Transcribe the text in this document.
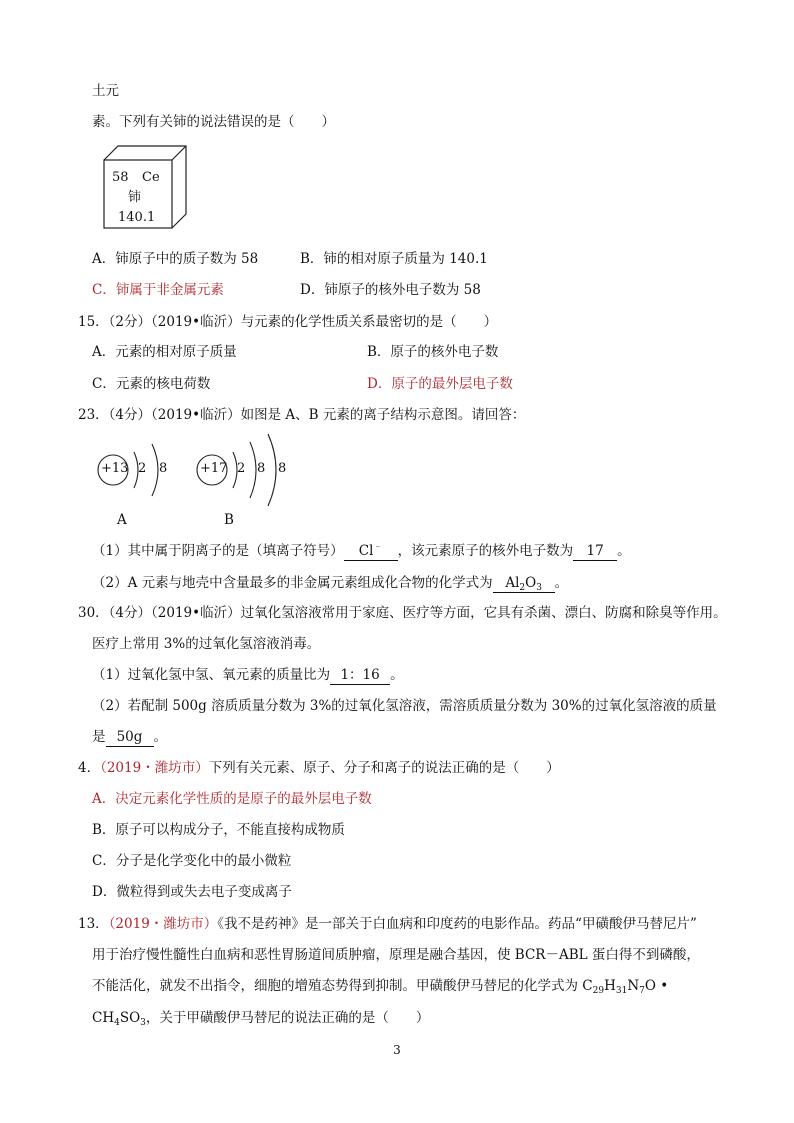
土元
素。下列有关铈的说法错误的是（　　）
58 Ce
铈
140.1
A．铈原子中的质子数为 58	B．铈的相对原子质量为 140.1
C．铈属于非金属元素	D．铈原子的核外电子数为 58
15．（2分）（2019•临沂）与元素的化学性质关系最密切的是（　　）
A．元素的相对原子质量	B．原子的核外电子数
C．元素的核电荷数	D．原子的最外层电子数
23．（4分）（2019•临沂）如图是 A、B 元素的离子结构示意图。请回答：
+13 2 8
A
+17 2 8 8
B
（1）其中属于阴离子的是（填离子符号） Cl﹣ ，该元素原子的核外电子数为 17 。
（2）A 元素与地壳中含量最多的非金属元素组成化合物的化学式为 $Al_2O_3$ 。
30．（4分）（2019•临沂）过氧化氢溶液常用于家庭、医疗等方面，它具有杀菌、漂白、防腐和除臭等作用。
医疗上常用 3%的过氧化氢溶液消毒。
（1）过氧化氢中氢、氧元素的质量比为 1：16 。
（2）若配制 500g 溶质质量分数为 3%的过氧化氢溶液，需溶质质量分数为 30%的过氧化氢溶液的质量
是 50g 。
4．（2019・潍坊市）下列有关元素、原子、分子和离子的说法正确的是（　　）
A．决定元素化学性质的是原子的最外层电子数
B．原子可以构成分子，不能直接构成物质
C．分子是化学变化中的最小微粒
D．微粒得到或失去电子变成离子
13．（2019・潍坊市）《我不是药神》是一部关于白血病和印度药的电影作品。药品“甲磺酸伊马替尼片”
用于治疗慢性髓性白血病和恶性胃肠道间质肿瘤，原理是融合基因，使 BCR－ABL 蛋白得不到磷酸，
不能活化，就发不出指令，细胞的增殖态势得到抑制。甲磺酸伊马替尼的化学式为 $C_{29}H_{31}N_7O$ •
$CH_4SO_3$，关于甲磺酸伊马替尼的说法正确的是（　　）
3
